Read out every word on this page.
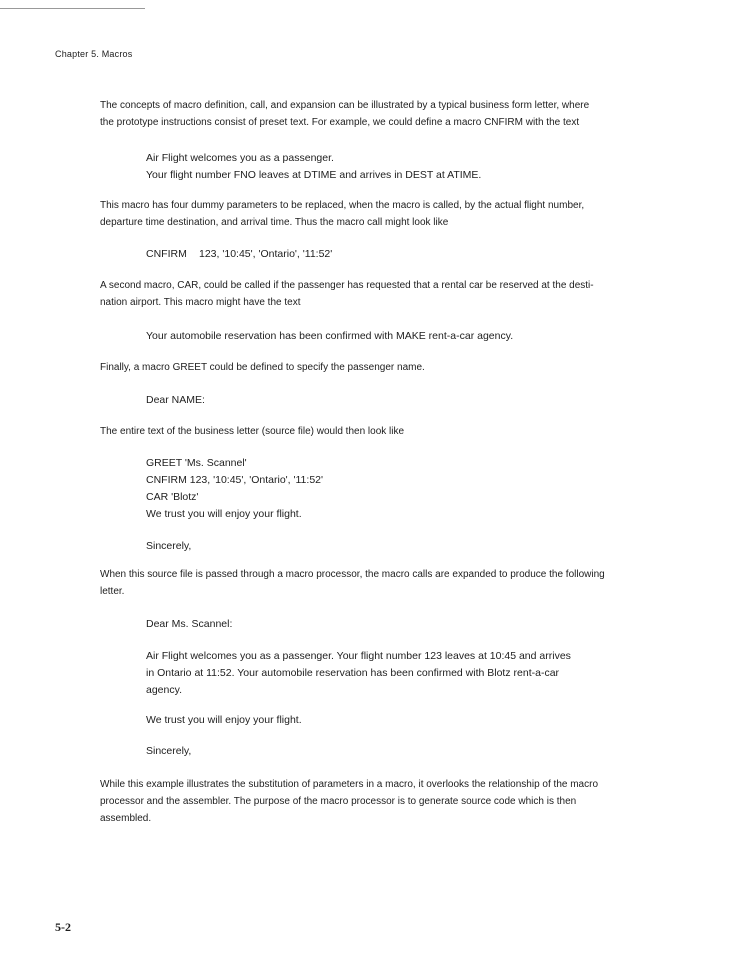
Chapter 5. Macros
The concepts of macro definition, call, and expansion can be illustrated by a typical business form letter, where
the prototype instructions consist of preset text. For example, we could define a macro CNFIRM with the text
Air Flight welcomes you as a passenger.
Your flight number FNO leaves at DTIME and arrives in DEST at ATIME.
This macro has four dummy parameters to be replaced, when the macro is called, by the actual flight number,
departure time destination, and arrival time. Thus the macro call might look like
CNFIRM 123, '10:45', 'Ontario', '11:52'
A second macro, CAR, could be called if the passenger has requested that a rental car be reserved at the desti-
nation airport. This macro might have the text
Your automobile reservation has been confirmed with MAKE rent-a-car agency.
Finally, a macro GREET could be defined to specify the passenger name.
Dear NAME:
The entire text of the business letter (source file) would then look like
GREET 'Ms. Scannel'
CNFIRM 123, '10:45', 'Ontario', '11:52'
CAR 'Blotz'
We trust you will enjoy your flight.
Sincerely,
When this source file is passed through a macro processor, the macro calls are expanded to produce the following
letter.
Dear Ms. Scannel:
Air Flight welcomes you as a passenger. Your flight number 123 leaves at 10:45 and arrives
in Ontario at 11:52. Your automobile reservation has been confirmed with Blotz rent-a-car
agency.
We trust you will enjoy your flight.
Sincerely,
While this example illustrates the substitution of parameters in a macro, it overlooks the relationship of the macro
processor and the assembler. The purpose of the macro processor is to generate source code which is then
assembled.
5-2
